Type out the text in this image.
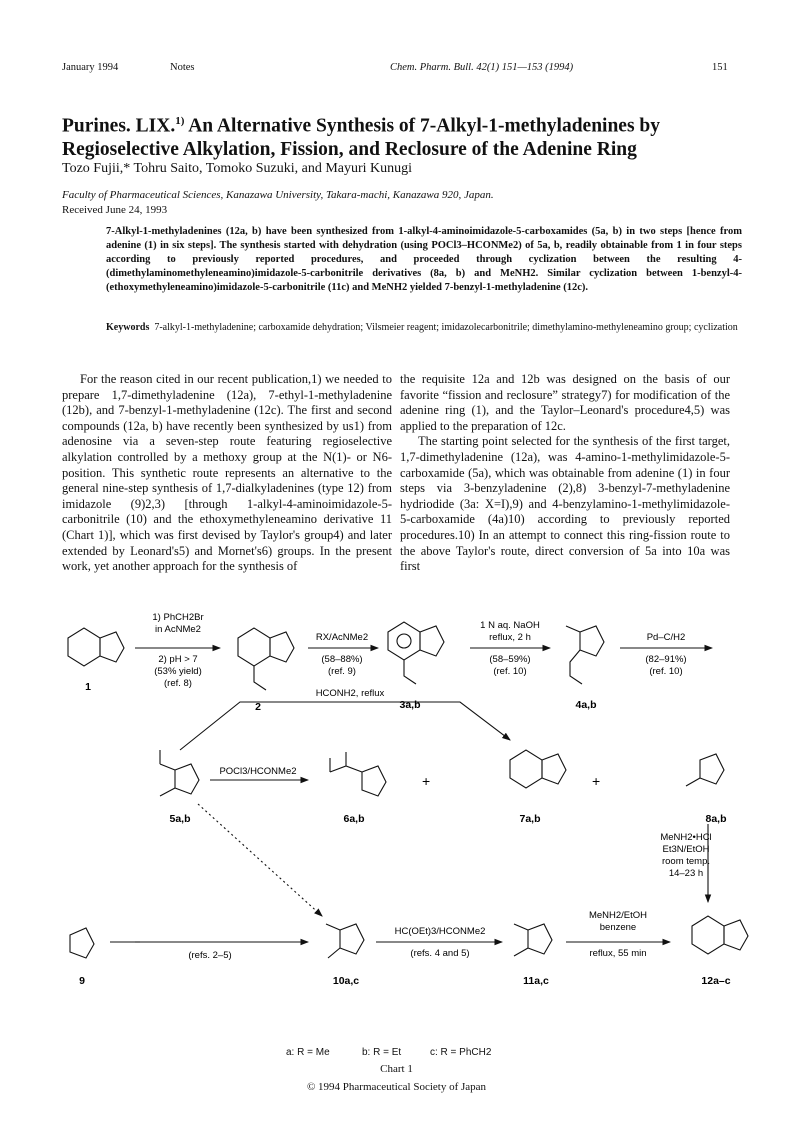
January 1994	Notes	Chem. Pharm. Bull. 42(1) 151—153 (1994)	151
Purines. LIX.$^{1)}$ An Alternative Synthesis of 7-Alkyl-1-methyladenines by Regioselective Alkylation, Fission, and Reclosure of the Adenine Ring
Tozo Fujii,* Tohru Saito, Tomoko Suzuki, and Mayuri Kunugi
Faculty of Pharmaceutical Sciences, Kanazawa University, Takara-machi, Kanazawa 920, Japan.
Received June 24, 1993
7-Alkyl-1-methyladenines (12a, b) have been synthesized from 1-alkyl-4-aminoimidazole-5-carboxamides (5a, b) in two steps [hence from adenine (1) in six steps]. The synthesis started with dehydration (using POCl3–HCONMe2) of 5a, b, readily obtainable from 1 in four steps according to previously reported procedures, and proceeded through cyclization between the resulting 4-(dimethylaminomethyleneamino)imidazole-5-carbonitrile derivatives (8a, b) and MeNH2. Similar cyclization between 1-benzyl-4-(ethoxymethyleneamino)imidazole-5-carbonitrile (11c) and MeNH2 yielded 7-benzyl-1-methyladenine (12c).
Keywords 7-alkyl-1-methyladenine; carboxamide dehydration; Vilsmeier reagent; imidazolecarbonitrile; dimethylamino-methyleneamino group; cyclization

For the reason cited in our recent publication,1) we needed to prepare 1,7-dimethyladenine (12a), 7-ethyl-1-methyladenine (12b), and 7-benzyl-1-methyladenine (12c). The first and second compounds (12a, b) have recently been synthesized by us1) from adenosine via a seven-step route featuring regioselective alkylation controlled by a methoxy group at the N(1)- or N6-position. This synthetic route represents an alternative to the general nine-step synthesis of 1,7-dialkyladenines (type 12) from imidazole (9)2,3) [through 1-alkyl-4-aminoimidazole-5-carbonitrile (10) and the ethoxymethyleneamino derivative 11 (Chart 1)], which was first devised by Taylor's group4) and later extended by Leonard's5) and Mornet's6) groups. In the present work, yet another approach for the synthesis of

the requisite 12a and 12b was designed on the basis of our favorite “fission and reclosure” strategy7) for modification of the adenine ring (1), and the Taylor–Leonard's procedure4,5) was applied to the preparation of 12c.

The starting point selected for the synthesis of the first target, 1,7-dimethyladenine (12a), was 4-amino-1-methylimidazole-5-carboxamide (5a), which was obtainable from adenine (1) in four steps via 3-benzyladenine (2),8) 3-benzyl-7-methyladenine hydriodide (3a: X=I),9) and 4-benzylamino-1-methylimidazole-5-carboxamide (4a)10) according to previously reported procedures.10) In an attempt to connect this ring-fission route to the above Taylor's route, direct conversion of 5a into 10a was first

+	+
1
2	3a,b	4a,b
5a,b	6a,b	7a,b	8a,b
9	10a,c	11a,c	12a–c
1) PhCH2Br
in AcNMe2
2) pH > 7
(53% yield)
(ref. 8)
RX/AcNMe2
(58–88%)
(ref. 9)
1 N aq. NaOH
reflux, 2 h
(58–59%)
(ref. 10)
Pd–C/H2
(82–91%)
(ref. 10)
HCONH2, reflux
POCl3/HCONMe2
MeNH2•HCl
Et3N/EtOH
room temp.
14–23 h
(refs. 2–5)
HC(OEt)3/HCONMe2
(refs. 4 and 5)
MeNH2/EtOH
benzene
reflux, 55 min
a: R = Me	b: R = Et	c: R = PhCH2
Chart 1
© 1994 Pharmaceutical Society of Japan
